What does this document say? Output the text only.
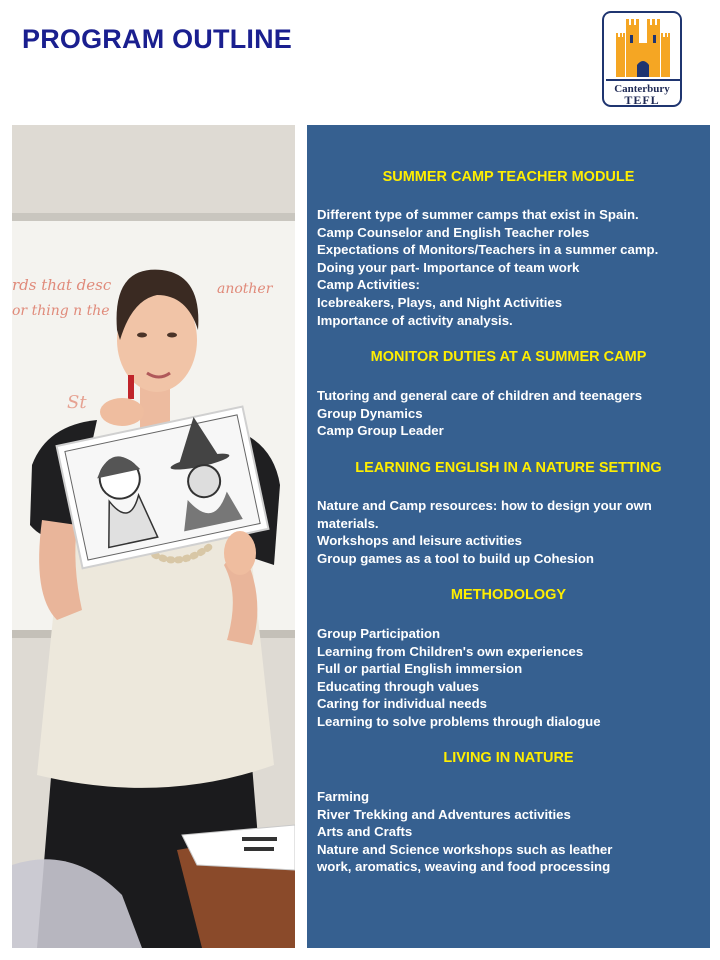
PROGRAM OUTLINE
Canterbury
TEFL
rds that desc	another
or thing n the
St
SUMMER CAMP TEACHER MODULE
Different type of summer camps that exist in Spain.
Camp Counselor and English Teacher roles
Expectations of Monitors/Teachers in a summer camp.
Doing your part- Importance of team work
Camp Activities:
Icebreakers, Plays, and Night Activities
Importance of activity analysis.
MONITOR DUTIES AT A SUMMER CAMP
Tutoring and general care of children and teenagers
Group Dynamics
Camp Group Leader
LEARNING ENGLISH IN A NATURE SETTING
Nature and Camp resources: how to design your own
materials.
Workshops and leisure activities
Group games as a tool to build up Cohesion
METHODOLOGY
Group Participation
Learning from Children's own experiences
Full or partial English immersion
Educating through values
Caring for individual needs
Learning to solve problems through dialogue
LIVING IN NATURE
Farming
River Trekking and Adventures activities
Arts and Crafts
Nature and Science workshops such as leather
work, aromatics, weaving and food processing
